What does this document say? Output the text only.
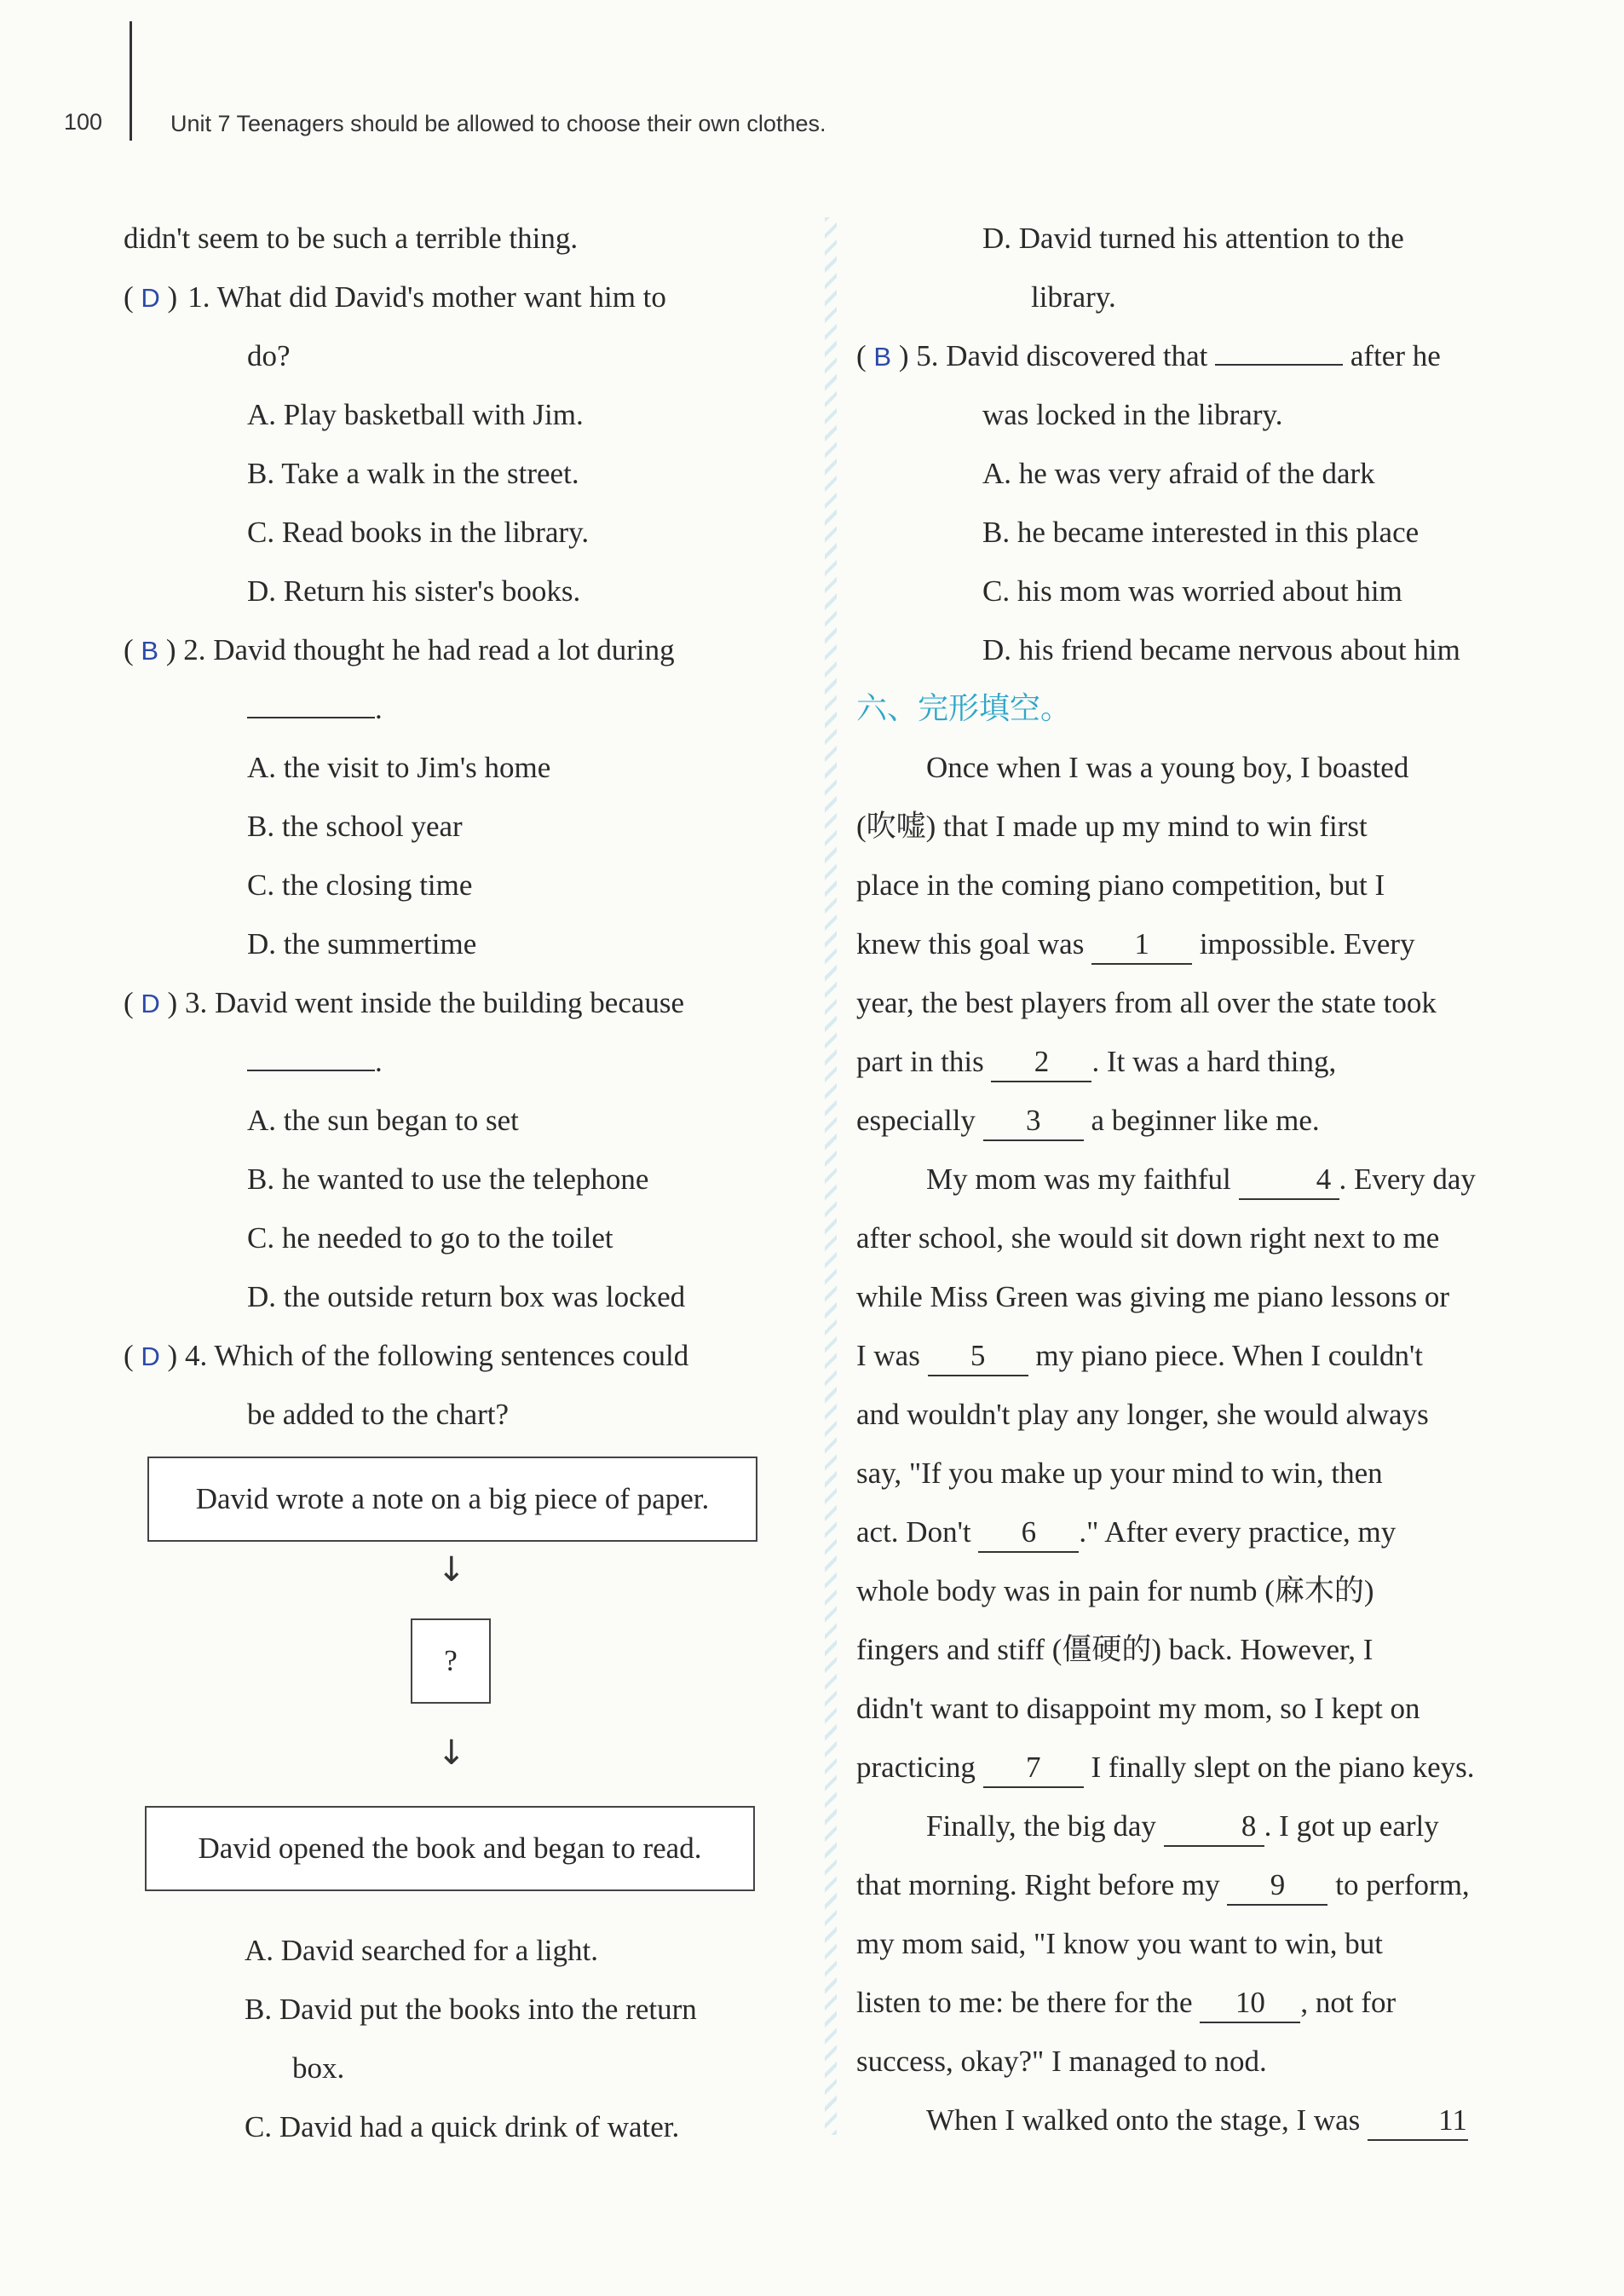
100	Unit 7 Teenagers should be allowed to choose their own clothes.
didn't seem to be such a terrible thing.
( D ) 1. What did David's mother want him to
do?
A. Play basketball with Jim.
B. Take a walk in the street.
C. Read books in the library.
D. Return his sister's books.
( B ) 2. David thought he had read a lot during
.
A. the visit to Jim's home
B. the school year
C. the closing time
D. the summertime
( D ) 3. David went inside the building because
.
A. the sun began to set
B. he wanted to use the telephone
C. he needed to go to the toilet
D. the outside return box was locked
( D ) 4. Which of the following sentences could
be added to the chart?
David wrote a note on a big piece of paper.
↓
?
↓
David opened the book and began to read.
A. David searched for a light.
B. David put the books into the return
box.
C. David had a quick drink of water.
D. David turned his attention to the
library.
( B ) 5. David discovered that	after he
was locked in the library.
A. he was very afraid of the dark
B. he became interested in this place
C. his mom was worried about him
D. his friend became nervous about him
六、完形填空。
Once when I was a young boy, I boasted
(吹嘘) that I made up my mind to win first
place in the coming piano competition, but I
knew this goal was 1 impossible. Every
year, the best players from all over the state took
part in this 2 . It was a hard thing,
especially 3 a beginner like me.
My mom was my faithful	4 . Every day
after school, she would sit down right next to me
while Miss Green was giving me piano lessons or
I was 5 my piano piece. When I couldn't
and wouldn't play any longer, she would always
say, "If you make up your mind to win, then
act. Don't 6 ." After every practice, my
whole body was in pain for numb (麻木的)
fingers and stiff (僵硬的) back. However, I
didn't want to disappoint my mom, so I kept on
practicing 7 I finally slept on the piano keys.
Finally, the big day	8 . I got up early
that morning. Right before my 9 to perform,
my mom said, "I know you want to win, but
listen to me: be there for the 10 , not for
success, okay?" I managed to nod.
When I walked onto the stage, I was	11
